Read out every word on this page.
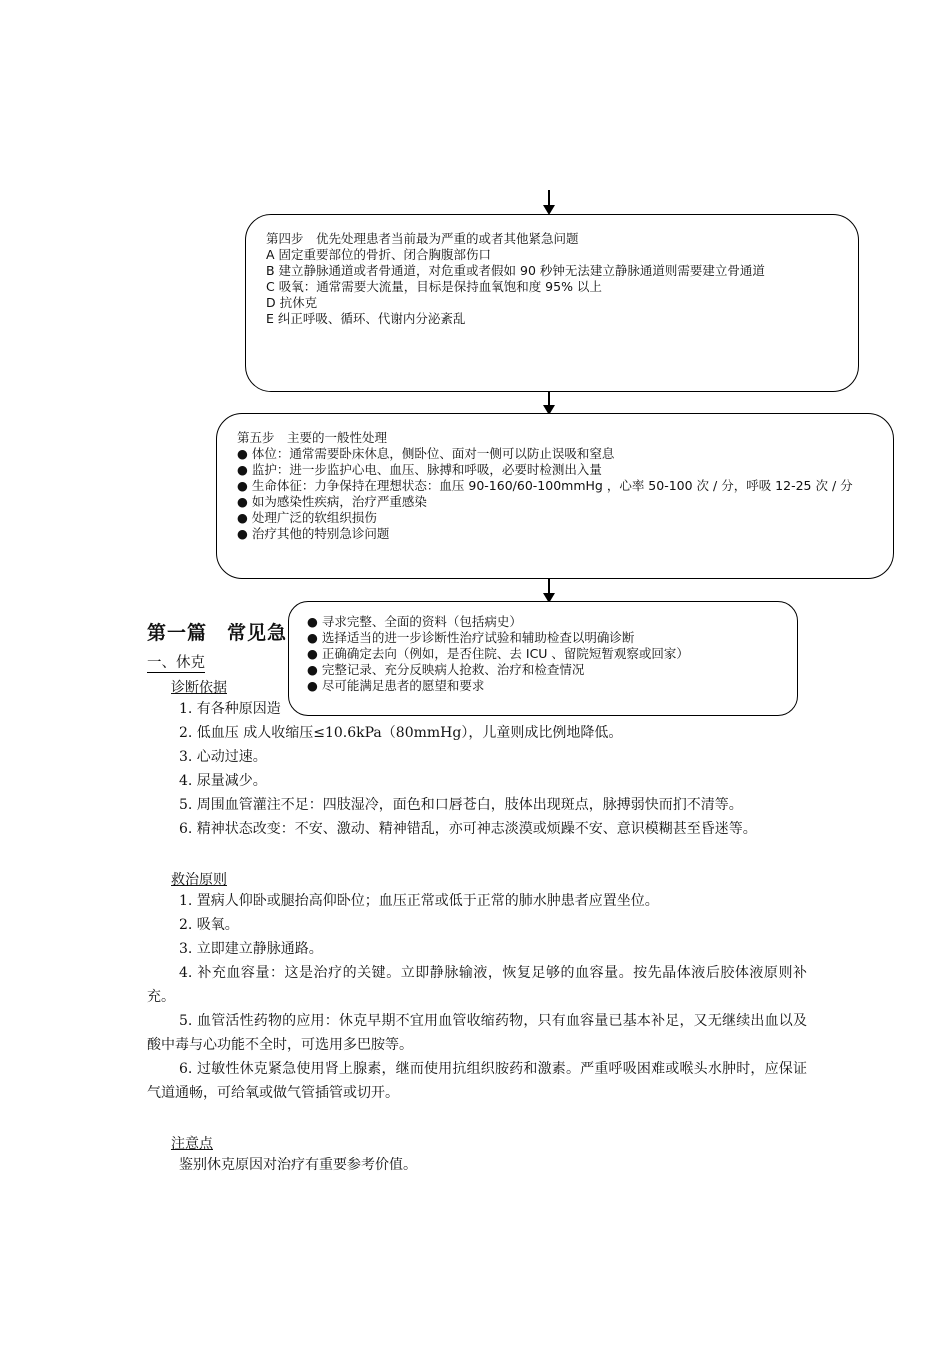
第四步　优先处理患者当前最为严重的或者其他紧急问题
A 固定重要部位的骨折、闭合胸腹部伤口
B 建立静脉通道或者骨通道，对危重或者假如 90 秒钟无法建立静脉通道则需要建立骨通道
C 吸氧：通常需要大流量，目标是保持血氧饱和度 95% 以上
D 抗休克
E 纠正呼吸、循环、代谢内分泌紊乱
第五步　主要的一般性处理
● 体位：通常需要卧床休息，侧卧位、面对一侧可以防止误吸和窒息
● 监护：进一步监护心电、血压、脉搏和呼吸，必要时检测出入量
● 生命体征：力争保持在理想状态：血压 90-160/60-100mmHg ，心率 50-100 次 / 分，呼吸 12-25 次 / 分
● 如为感染性疾病，治疗严重感染
● 处理广泛的软组织损伤
● 治疗其他的特别急诊问题
第一篇　常见急
一、休克
诊断依据
1. 有各种原因造
2. 低血压 成人收缩压≤10.6kPa（80mmHg），儿童则成比例地降低。
3. 心动过速。
4. 尿量减少。
5. 周围血管灌注不足：四肢湿冷，面色和口唇苍白，肢体出现斑点，脉搏弱快而扪不清等。
6. 精神状态改变：不安、激动、精神错乱，亦可神志淡漠或烦躁不安、意识模糊甚至昏迷等。
救治原则
1. 置病人仰卧或腿抬高仰卧位；血压正常或低于正常的肺水肿患者应置坐位。
2. 吸氧。
3. 立即建立静脉通路。
4. 补充血容量：这是治疗的关键。立即静脉输液，恢复足够的血容量。按先晶体液后胶体液原则补充。
5. 血管活性药物的应用：休克早期不宜用血管收缩药物，只有血容量已基本补足，又无继续出血以及酸中毒与心功能不全时，可选用多巴胺等。
6. 过敏性休克紧急使用肾上腺素，继而使用抗组织胺药和激素。严重呼吸困难或喉头水肿时，应保证气道通畅，可给氧或做气管插管或切开。
注意点
鉴别休克原因对治疗有重要参考价值。
● 寻求完整、全面的资料（包括病史）
● 选择适当的进一步诊断性治疗试验和辅助检查以明确诊断
● 正确确定去向（例如，是否住院、去 ICU 、留院短暂观察或回家）
● 完整记录、充分反映病人抢救、治疗和检查情况
● 尽可能满足患者的愿望和要求
